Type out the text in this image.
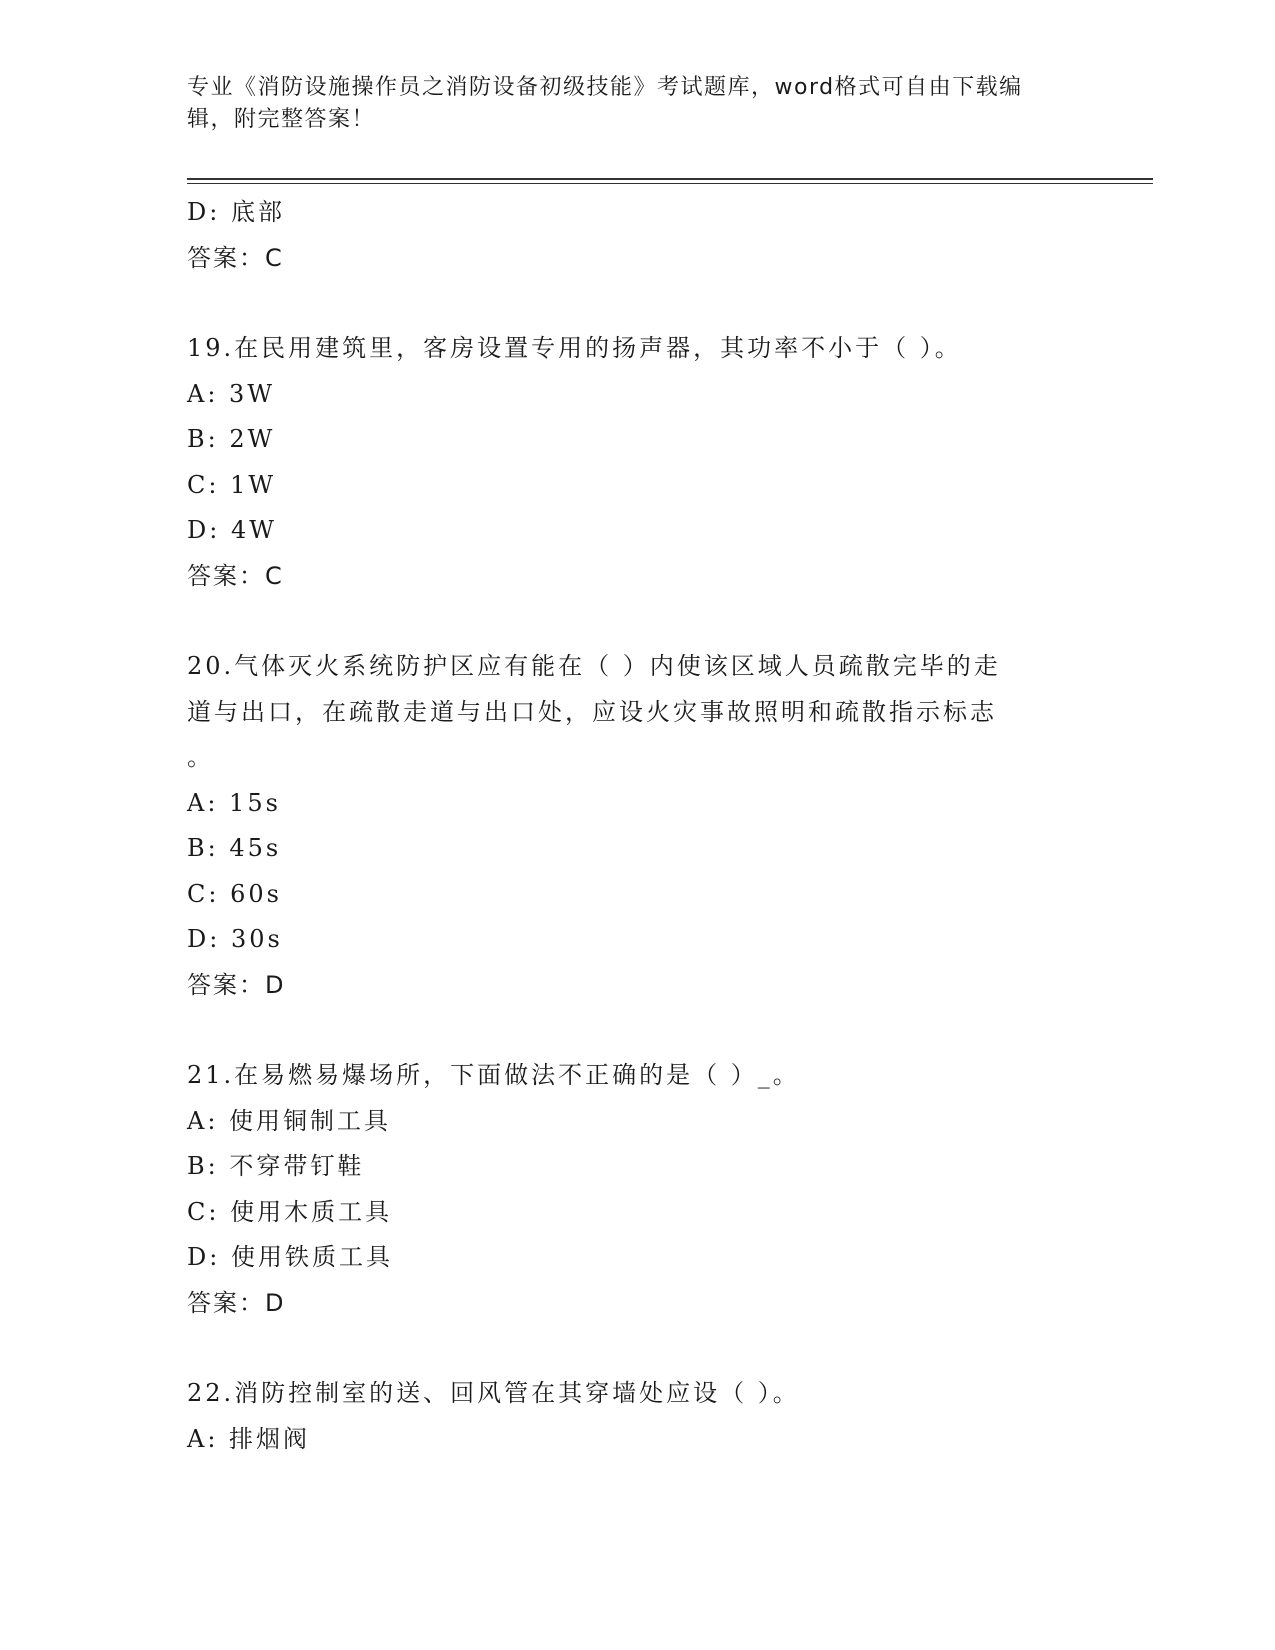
专业《消防设施操作员之消防设备初级技能》考试题库，word格式可自由下载编
辑，附完整答案！
D: 底部
答案：C
19.在民用建筑里，客房设置专用的扬声器，其功率不小于（ ）。
A: 3W
B: 2W
C: 1W
D: 4W
答案：C
20.气体灭火系统防护区应有能在（ ）内使该区域人员疏散完毕的走
道与出口，在疏散走道与出口处，应设火灾事故照明和疏散指示标志
。
A: 15s
B: 45s
C: 60s
D: 30s
答案：D
21.在易燃易爆场所，下面做法不正确的是（ ）_。
A: 使用铜制工具
B: 不穿带钉鞋
C: 使用木质工具
D: 使用铁质工具
答案：D
22.消防控制室的送、回风管在其穿墙处应设（ ）。
A: 排烟阀
